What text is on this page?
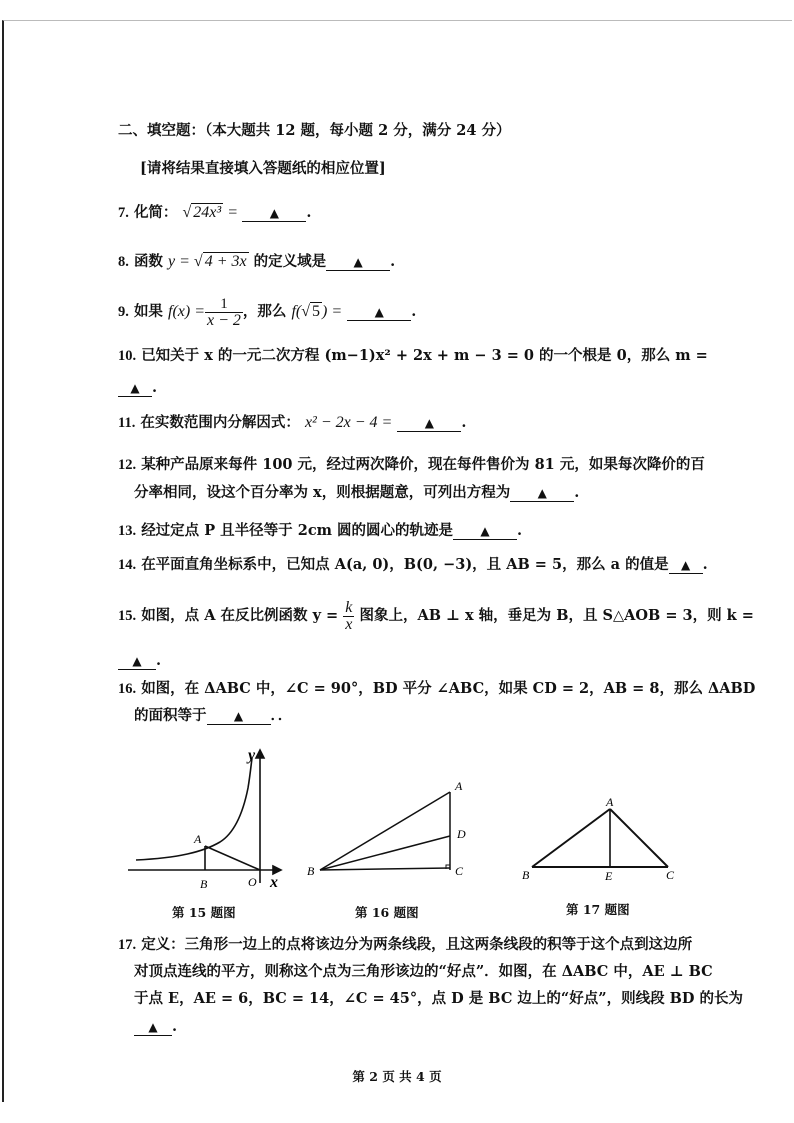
二、填空题：（本大题共 12 题，每小题 2 分，满分 24 分）
[请将结果直接填入答题纸的相应位置]
7. 化简： √ 24x³ =	▲ .
8. 函数 y = √ 4 + 3x 的定义域是 ▲ .
9.
如果
$f(x) = \frac{1}{x - 2}$ ，那么
f( √ 5 ) =
	▲	.
10. 已知关于 x 的一元二次方程 (m−1)x² + 2x + m − 3 = 0 的一个根是 0，那么 m =
▲ .
11. 在实数范围内分解因式： x² − 2x − 4 =	▲ .
12. 某种产品原来每件 100 元，经过两次降价，现在每件售价为 81 元，如果每次降价的百
分率相同，设这个百分率为 x，则根据题意，可列出方程为 ▲ .
13. 经过定点 P 且半径等于 2cm 圆的圆心的轨迹是 ▲ .
14. 在平面直角坐标系中，已知点 A(a, 0)，B(0, −3)，且 AB = 5，那么 a 的值是 ▲ .
15.
如图，点 A 在反比例函数 y =
$\frac{k}{x}$
图象上，AB ⊥ x 轴，垂足为 B，且 S△AOB = 3，则 k =
▲ .
16. 如图，在 ΔABC 中，∠C = 90°，BD 平分 ∠ABC，如果 CD = 2，AB = 8，那么 ΔABD
的面积等于 ▲ ．．
y
x
A
B	O
第 15 题图
A
D
C
B
第 16 题图
A
B	E	C
第 17 题图
17. 定义：三角形一边上的点将该边分为两条线段，且这两条线段的积等于这个点到这边所
对顶点连线的平方，则称这个点为三角形该边的“好点”．如图，在 ΔABC 中，AE ⊥ BC
于点 E，AE = 6，BC = 14，∠C = 45°，点 D 是 BC 边上的“好点”，则线段 BD 的长为
▲ .
第 2 页 共 4 页
